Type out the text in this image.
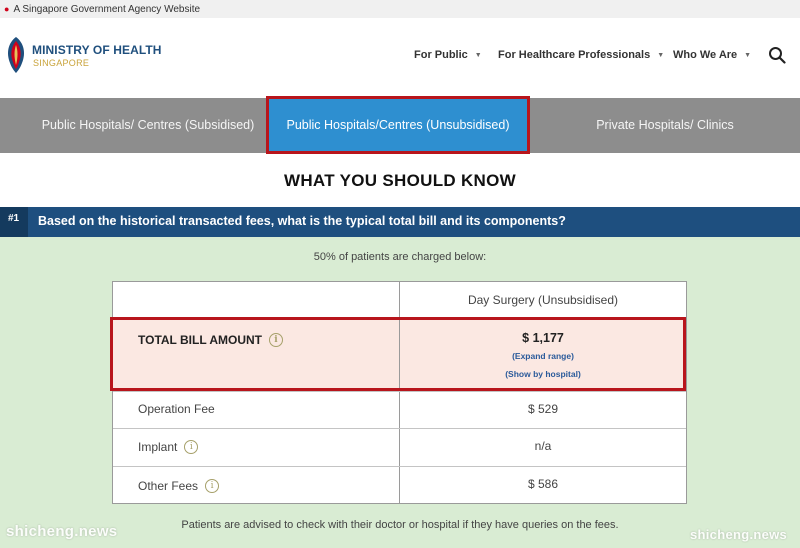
● A Singapore Government Agency Website
MINISTRY OF HEALTH
SINGAPORE
For Public ▼ For Healthcare Professionals ▼ Who We Are ▼
Public Hospitals/ Centres (Subsidised)	Private Hospitals/ Clinics
Public Hospitals/Centres (Unsubsidised)
WHAT YOU SHOULD KNOW
#1	Based on the historical transacted fees, what is the typical total bill and its components?
50% of patients are charged below:
Day Surgery (Unsubsidised)
TOTAL BILL AMOUNT	i	$ 1,177
(Expand range)
(Show by hospital)
Operation Fee	$ 529
Implant	i	n/a
Other Fees	i	$ 586
Patients are advised to check with their doctor or hospital if they have queries on the fees.
shicheng.news	shicheng.news
